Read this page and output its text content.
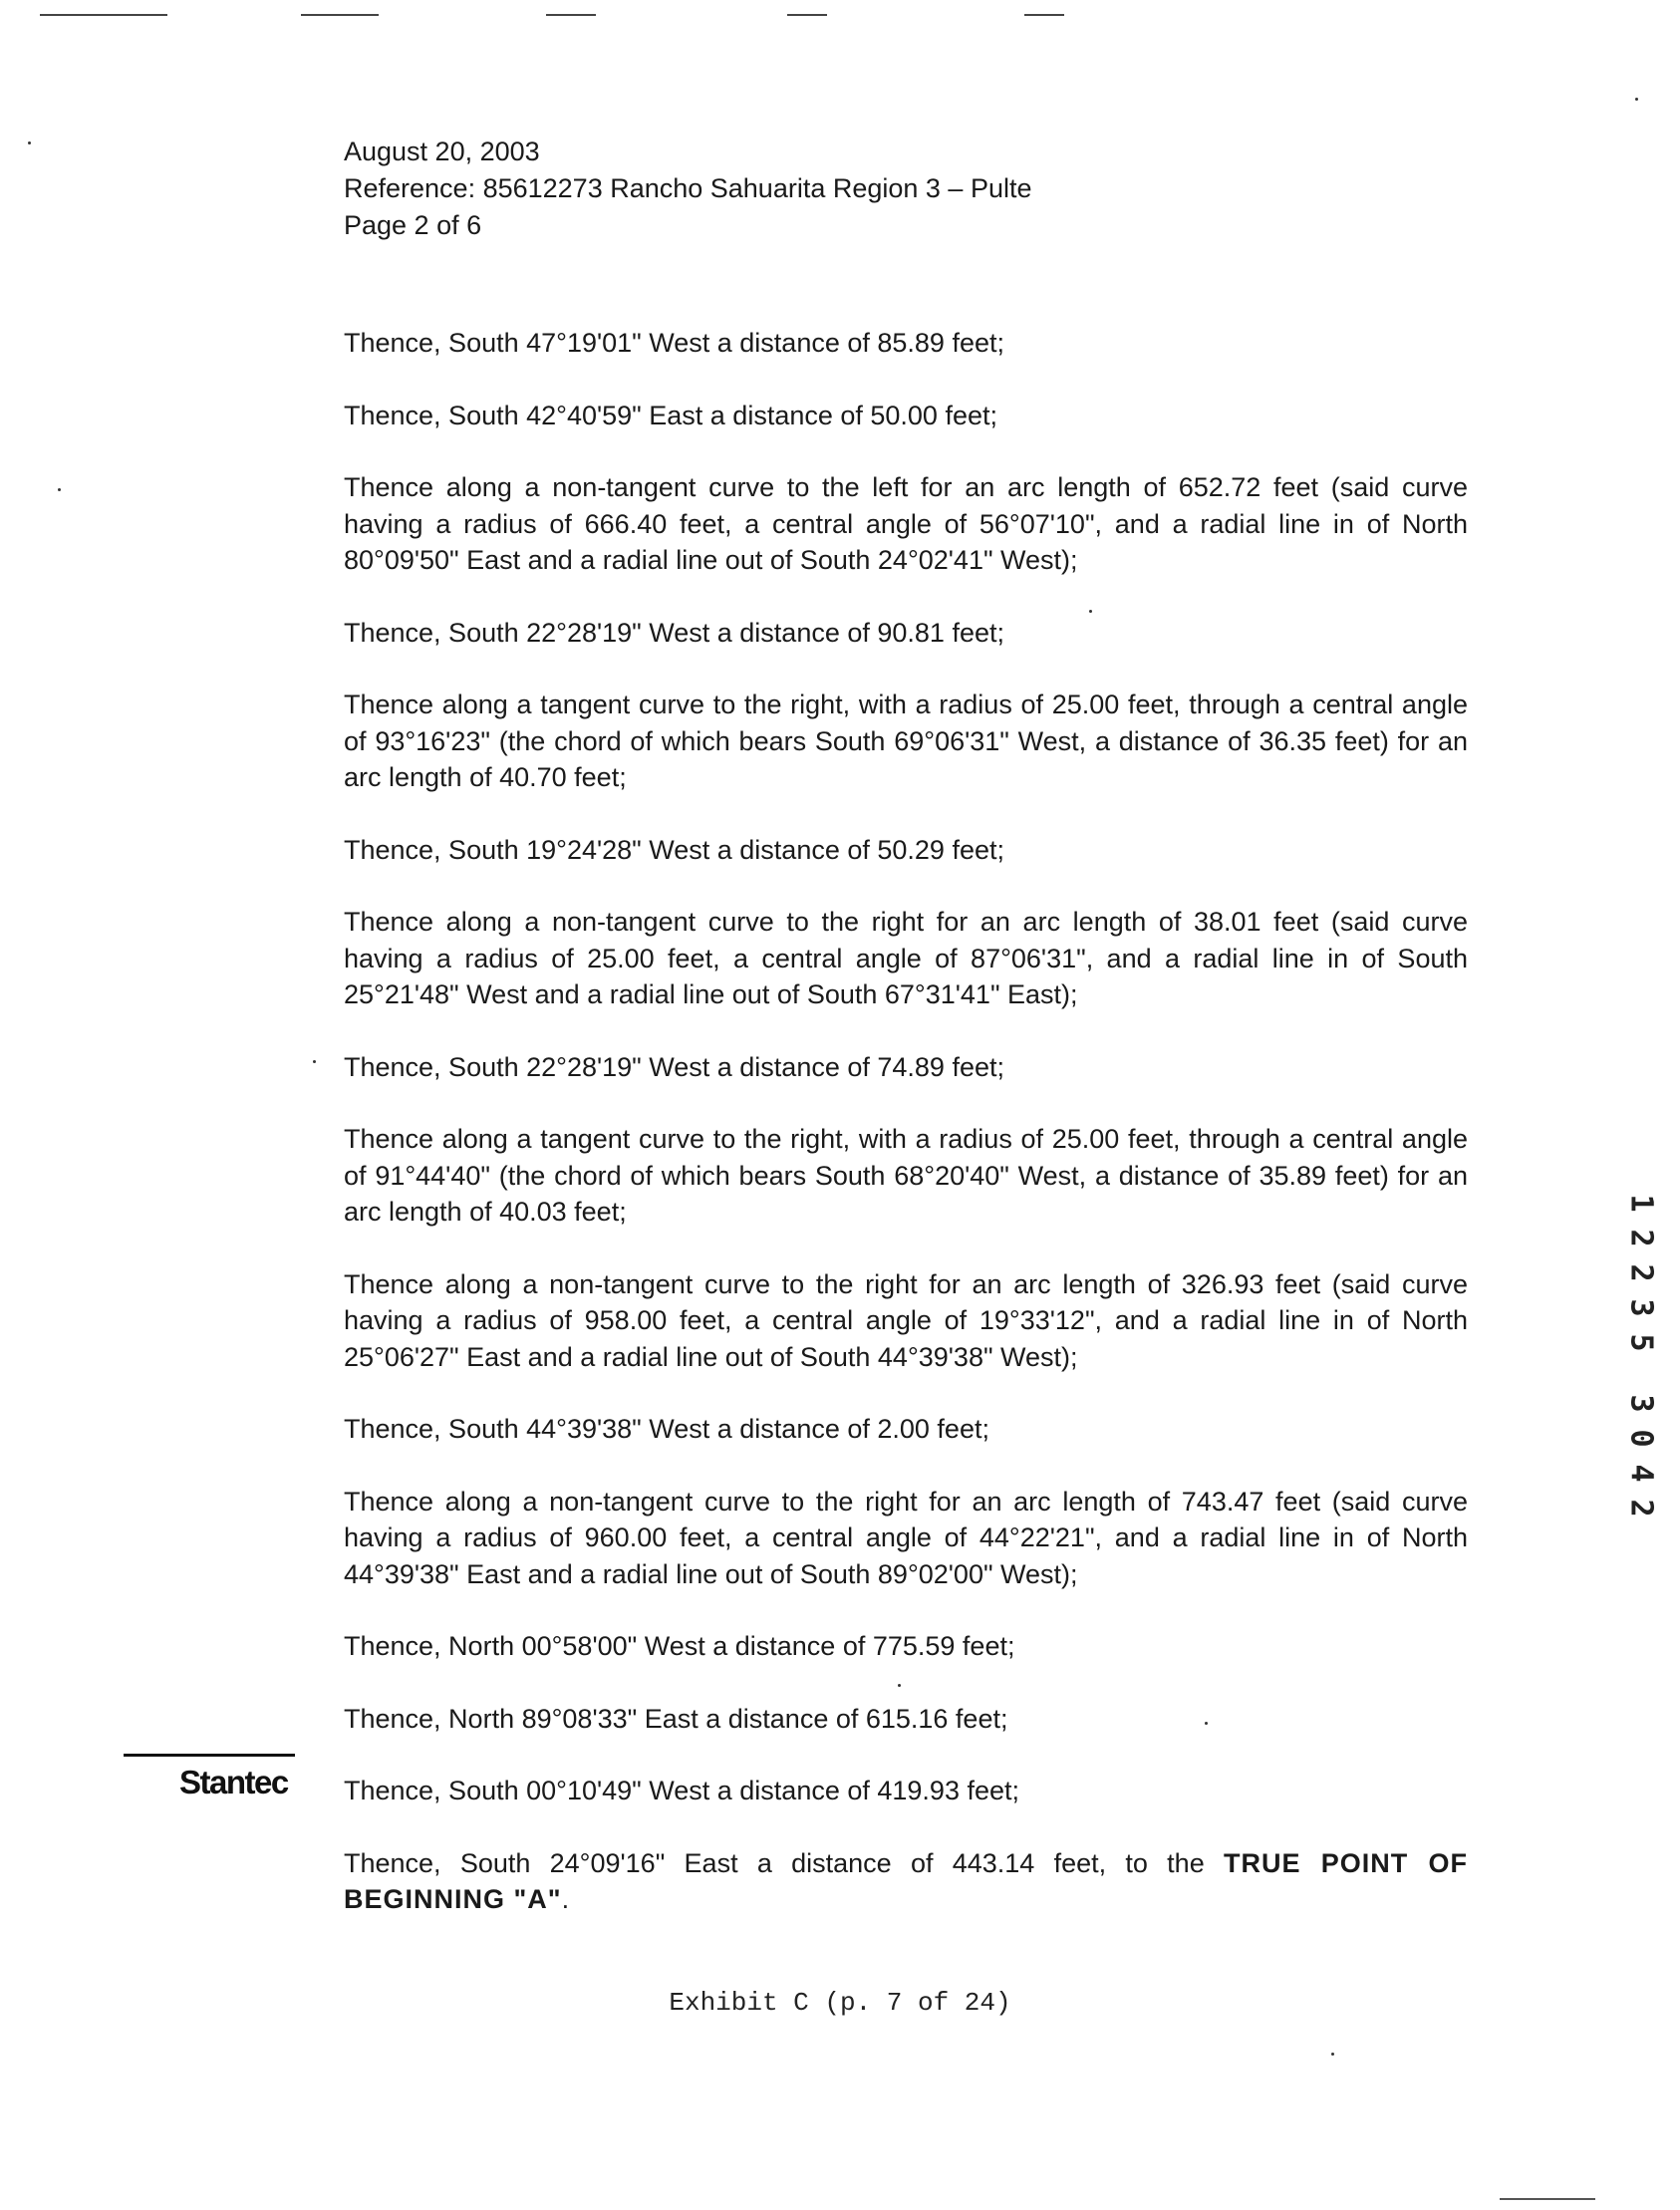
August 20, 2003
Reference: 85612273 Rancho Sahuarita Region 3 – Pulte
Page 2 of 6

Thence, South 47°19'01" West a distance of 85.89 feet;

Thence, South 42°40'59" East a distance of 50.00 feet;

Thence along a non-tangent curve to the left for an arc length of 652.72 feet (said curve having a radius of 666.40 feet, a central angle of 56°07'10", and a radial line in of North 80°09'50" East and a radial line out of South 24°02'41" West);

Thence, South 22°28'19" West a distance of 90.81 feet;

Thence along a tangent curve to the right, with a radius of 25.00 feet, through a central angle of 93°16'23" (the chord of which bears South 69°06'31" West, a distance of 36.35 feet) for an arc length of 40.70 feet;

Thence, South 19°24'28" West a distance of 50.29 feet;

Thence along a non-tangent curve to the right for an arc length of 38.01 feet (said curve having a radius of 25.00 feet, a central angle of 87°06'31", and a radial line in of South 25°21'48" West and a radial line out of South 67°31'41" East);

Thence, South 22°28'19" West a distance of 74.89 feet;

Thence along a tangent curve to the right, with a radius of 25.00 feet, through a central angle of 91°44'40" (the chord of which bears South 68°20'40" West, a distance of 35.89 feet) for an arc length of 40.03 feet;

Thence along a non-tangent curve to the right for an arc length of 326.93 feet (said curve having a radius of 958.00 feet, a central angle of 19°33'12", and a radial line in of North 25°06'27" East and a radial line out of South 44°39'38" West);

Thence, South 44°39'38" West a distance of 2.00 feet;

Thence along a non-tangent curve to the right for an arc length of 743.47 feet (said curve having a radius of 960.00 feet, a central angle of 44°22'21", and a radial line in of North 44°39'38" East and a radial line out of South 89°02'00" West);

Thence, North 00°58'00" West a distance of 775.59 feet;

Thence, North 89°08'33" East a distance of 615.16 feet;

Thence, South 00°10'49" West a distance of 419.93 feet;

Thence, South 24°09'16" East a distance of 443.14 feet, to the TRUE POINT OF BEGINNING "A".

Stantec
Exhibit C (p. 7 of 24)
1
2
2
3
5
3
0
4
2
